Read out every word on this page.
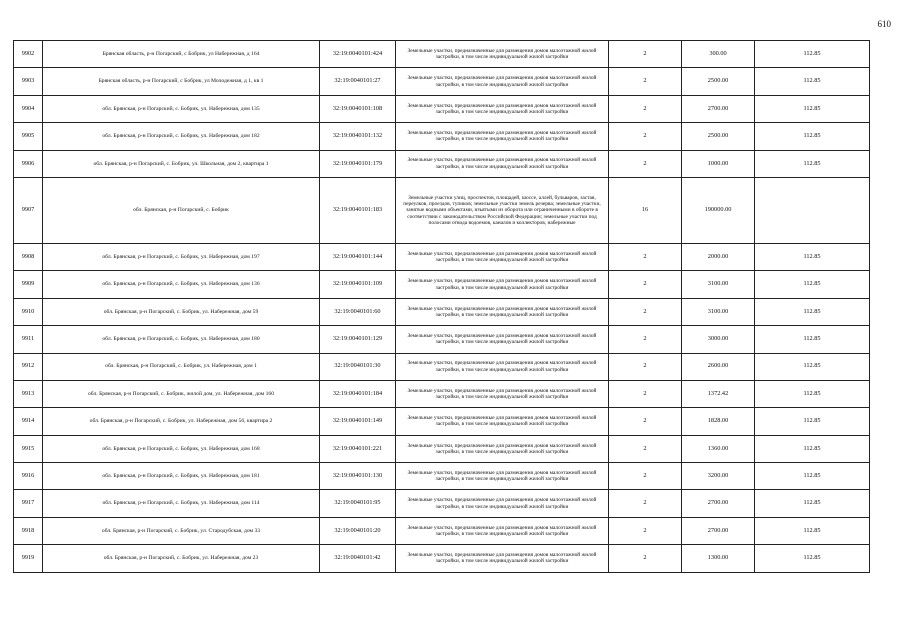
610
9902	Брянская область, р-н Погарский, с Бобрик, ул Набережная, д 164	32:19:0040101:424	Земельные участки, предназначенные для размещения домов малоэтажной жилой застройки, в том числе индивидуальной жилой застройки	2	300.00	112.85	
9903	Брянская область, р-н Погарский, с Бобрик, ул Молодежная, д 1, кв 1	32:19:0040101:27	Земельные участки, предназначенные для размещения домов малоэтажной жилой застройки, в том числе индивидуальной жилой застройки	2	2500.00	112.85	
9904	обл. Брянская, р-н Погарский, с. Бобрик, ул. Набережная, дом 135	32:19:0040101:108	Земельные участки, предназначенные для размещения домов малоэтажной жилой застройки, в том числе индивидуальной жилой застройки	2	2700.00	112.85	
9905	обл. Брянская, р-н Погарский, с. Бобрик, ул. Набережная, дом 182	32:19:0040101:132	Земельные участки, предназначенные для размещения домов малоэтажной жилой застройки, в том числе индивидуальной жилой застройки	2	2500.00	112.85	
9906	обл. Брянская, р-н Погарский, с. Бобрик, ул. Школьная, дом 2, квартира 1	32:19:0040101:179	Земельные участки, предназначенные для размещения домов малоэтажной жилой застройки, в том числе индивидуальной жилой застройки	2	1000.00	112.85	
9907	обл. Брянская, р-н Погарский, с. Бобрик	32:19:0040101:183	Земельные участки улиц, проспектов, площадей, шоссе, аллей, бульваров, застав, переулков, проездов, тупиков; земельные участки земель резерва; земельные участки, занятые водными объектами, изъятыми из оборота или ограниченными в обороте в соответствии с законодательством Российской Федерации; земельные участки под полосами отвода водоемов, каналов и коллекторов, набережные	16	190000.00		
9908	обл. Брянская, р-н Погарский, с. Бобрик, ул. Набережная, дом 197	32:19:0040101:144	Земельные участки, предназначенные для размещения домов малоэтажной жилой застройки, в том числе индивидуальной жилой застройки	2	2000.00	112.85	
9909	обл. Брянская, р-н Погарский, с. Бобрик, ул. Набережная, дом 136	32:19:0040101:109	Земельные участки, предназначенные для размещения домов малоэтажной жилой застройки, в том числе индивидуальной жилой застройки	2	3100.00	112.85	
9910	обл. Брянская, р-н Погарский, с. Бобрик, ул. Набережная, дом 59	32:19:0040101:60	Земельные участки, предназначенные для размещения домов малоэтажной жилой застройки, в том числе индивидуальной жилой застройки	2	3100.00	112.85	
9911	обл. Брянская, р-н Погарский, с. Бобрик, ул. Набережная, дом 180	32:19:0040101:129	Земельные участки, предназначенные для размещения домов малоэтажной жилой застройки, в том числе индивидуальной жилой застройки	2	3000.00	112.85	
9912	обл. Брянская, р-н Погарский, с. Бобрик, ул. Набережная, дом 1	32:19:0040101:30	Земельные участки, предназначенные для размещения домов малоэтажной жилой застройки, в том числе индивидуальной жилой застройки	2	2600.00	112.85	
9913	обл. Брянская, р-н Погарский, с. Бобрик, жилой дом, ул. Набережная, дом 160	32:19:0040101:184	Земельные участки, предназначенные для размещения домов малоэтажной жилой застройки, в том числе индивидуальной жилой застройки	2	1372.42	112.85	
9914	обл. Брянская, р-н Погарский, с. Бобрик, ул. Набережная, дом 56, квартира 2	32:19:0040101:149	Земельные участки, предназначенные для размещения домов малоэтажной жилой застройки, в том числе индивидуальной жилой застройки	2	1828.00	112.85	
9915	обл. Брянская, р-н Погарский, с. Бобрик, ул. Набережная, дом 168	32:19:0040101:221	Земельные участки, предназначенные для размещения домов малоэтажной жилой застройки, в том числе индивидуальной жилой застройки	2	1360.00	112.85	
9916	обл. Брянская, р-н Погарский, с. Бобрик, ул. Набережная, дом 181	32:19:0040101:130	Земельные участки, предназначенные для размещения домов малоэтажной жилой застройки, в том числе индивидуальной жилой застройки	2	3200.00	112.85	
9917	обл. Брянская, р-н Погарский, с. Бобрик, ул. Набережная, дом 114	32:19:0040101:95	Земельные участки, предназначенные для размещения домов малоэтажной жилой застройки, в том числе индивидуальной жилой застройки	2	2700.00	112.85	
9918	обл. Брянская, р-н Погарский, с. Бобрик, ул. Стародубская, дом 33	32:19:0040101:20	Земельные участки, предназначенные для размещения домов малоэтажной жилой застройки, в том числе индивидуальной жилой застройки	2	2700.00	112.85	
9919	обл. Брянская, р-н Погарский, с. Бобрик, ул. Набережная, дом 23	32:19:0040101:42	Земельные участки, предназначенные для размещения домов малоэтажной жилой застройки, в том числе индивидуальной жилой застройки	2	1300.00	112.85	
